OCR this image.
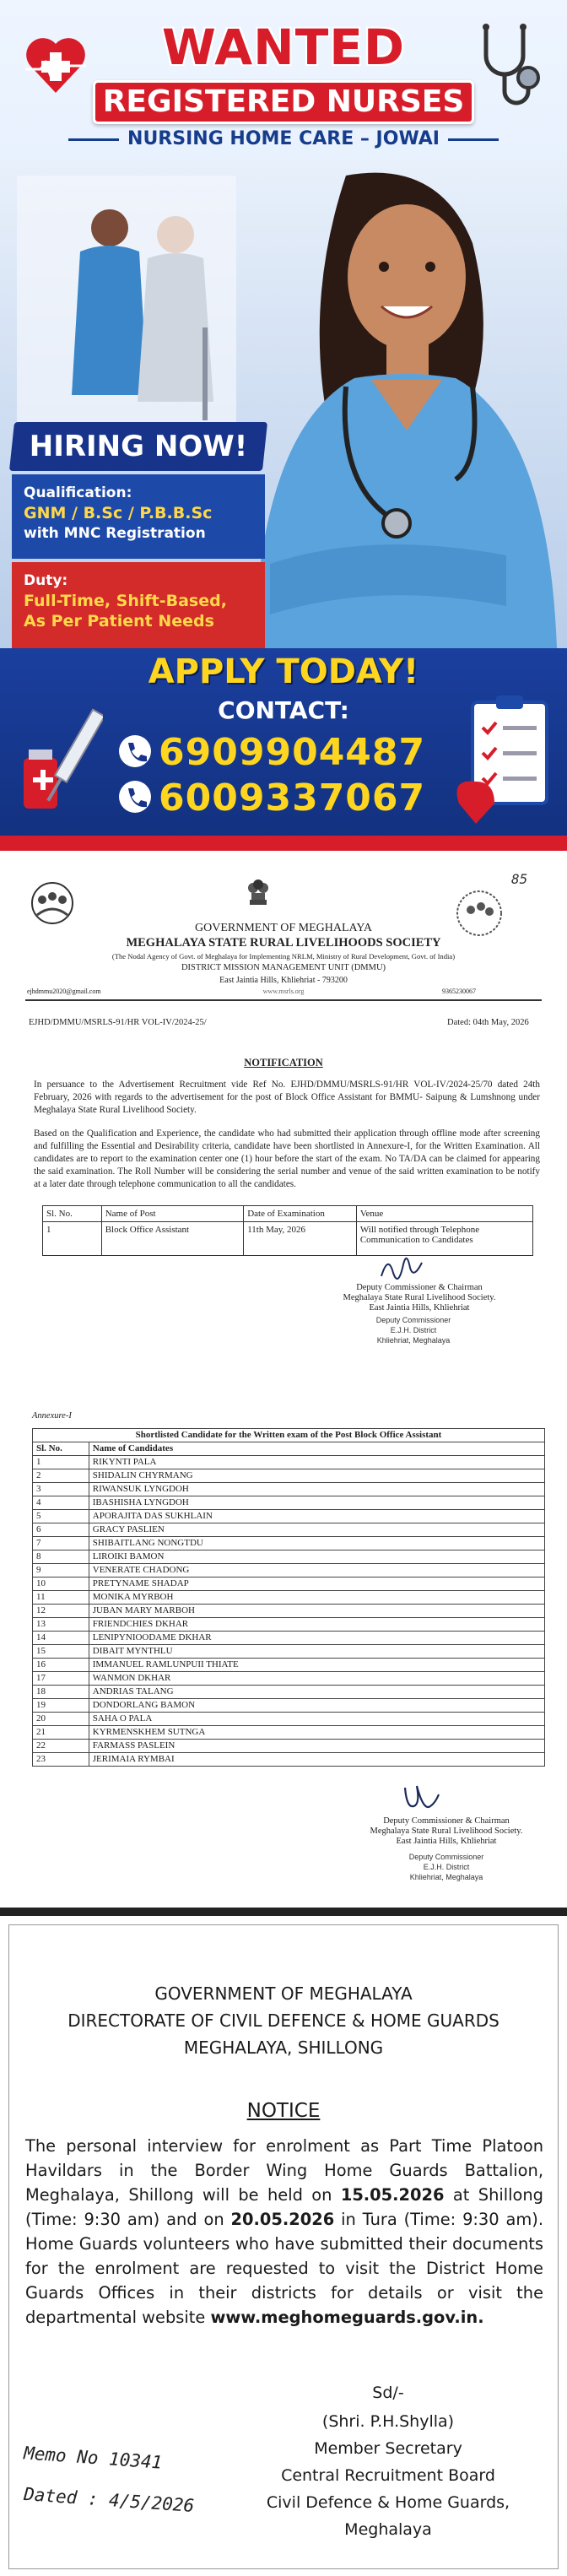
WANTED
REGISTERED NURSES
NURSING HOME CARE – JOWAI
HIRING NOW!
Qualification:
GNM / B.Sc / P.B.B.Sc
with MNC Registration
Duty:
Full-Time, Shift-Based,
As Per Patient Needs
APPLY TODAY!
CONTACT:
6909904487
6009337067
85
GOVERNMENT OF MEGHALAYA
MEGHALAYA STATE RURAL LIVELIHOODS SOCIETY
(The Nodal Agency of Govt. of Meghalaya for Implementing NRLM, Ministry of Rural Development, Govt. of India)
DISTRICT MISSION MANAGEMENT UNIT (DMMU)
East Jaintia Hills, Khliehriat - 793200
www.msrls.org
ejhdmmu2020@gmail.com	9365230067
EJHD/DMMU/MSRLS-91/HR VOL-IV/2024-25/	Dated: 04th May, 2026
NOTIFICATION
In persuance to the Advertisement Recruitment vide Ref No. EJHD/DMMU/MSRLS-91/HR VOL-IV/2024-25/70 dated 24th February, 2026 with regards to the advertisement for the post of Block Office Assistant for BMMU- Saipung & Lumshnong under Meghalaya State Rural Livelihood Society.
Based on the Qualification and Experience, the candidate who had submitted their application through offline mode after screening and fulfilling the Essential and Desirability criteria, candidate have been shortlisted in Annexure-I, for the Written Examination. All candidates are to report to the examination center one (1) hour before the start of the exam. No TA/DA can be claimed for appearing the said examination. The Roll Number will be considering the serial number and venue of the said written examination to be notify at a later date through telephone communication to all the candidates.
Sl. No.	Name of Post	Date of Examination	Venue
1	Block Office Assistant	11th May, 2026	Will notified through Telephone Communication to Candidates
Deputy Commissioner & Chairman
Meghalaya State Rural Livelihood Society.
East Jaintia Hills, Khliehriat
Deputy Commissioner
E.J.H. District
Khliehriat, Meghalaya
Annexure-I
Shortlisted Candidate for the Written exam of the Post Block Office Assistant	
Sl. No.	Name of Candidates
1	RIKYNTI PALA
2	SHIDALIN CHYRMANG
3	RIWANSUK LYNGDOH
4	IBASHISHA LYNGDOH
5	APORAJITA DAS SUKHLAIN
6	GRACY PASLIEN
7	SHIBAITLANG NONGTDU
8	LIROIKI BAMON
9	VENERATE CHADONG
10	PRETYNAME SHADAP
11	MONIKA MYRBOH
12	JUBAN MARY MARBOH
13	FRIENDCHIES DKHAR
14	LENIPYNIOODAME DKHAR
15	DIBAIT MYNTHLU
16	IMMANUEL RAMLUNPUII THIATE
17	WANMON DKHAR
18	ANDRIAS TALANG
19	DONDORLANG BAMON
20	SAHA O PALA
21	KYRMENSKHEM SUTNGA
22	FARMASS PASLEIN
23	JERIMAIA RYMBAI
Deputy Commissioner & Chairman
Meghalaya State Rural Livelihood Society.
East Jaintia Hills, Khliehriat
Deputy Commissioner
E.J.H. District
Khliehriat, Meghalaya
GOVERNMENT OF MEGHALAYA
DIRECTORATE OF CIVIL DEFENCE & HOME GUARDS
MEGHALAYA, SHILLONG
NOTICE
The personal interview for enrolment as Part Time Platoon Havildars in the Border Wing Home Guards Battalion, Meghalaya, Shillong will be held on 15.05.2026 at Shillong (Time: 9:30 am) and on 20.05.2026 in Tura (Time: 9:30 am). Home Guards volunteers who have submitted their documents for the enrolment are requested to visit the District Home Guards Offices in their districts for details or visit the departmental website www.meghomeguards.gov.in.
Sd/-
(Shri. P.H.Shylla)
Member Secretary
Central Recruitment Board
Civil Defence & Home Guards,
Meghalaya
Memo No 10341
Dated : 4/5/2026
